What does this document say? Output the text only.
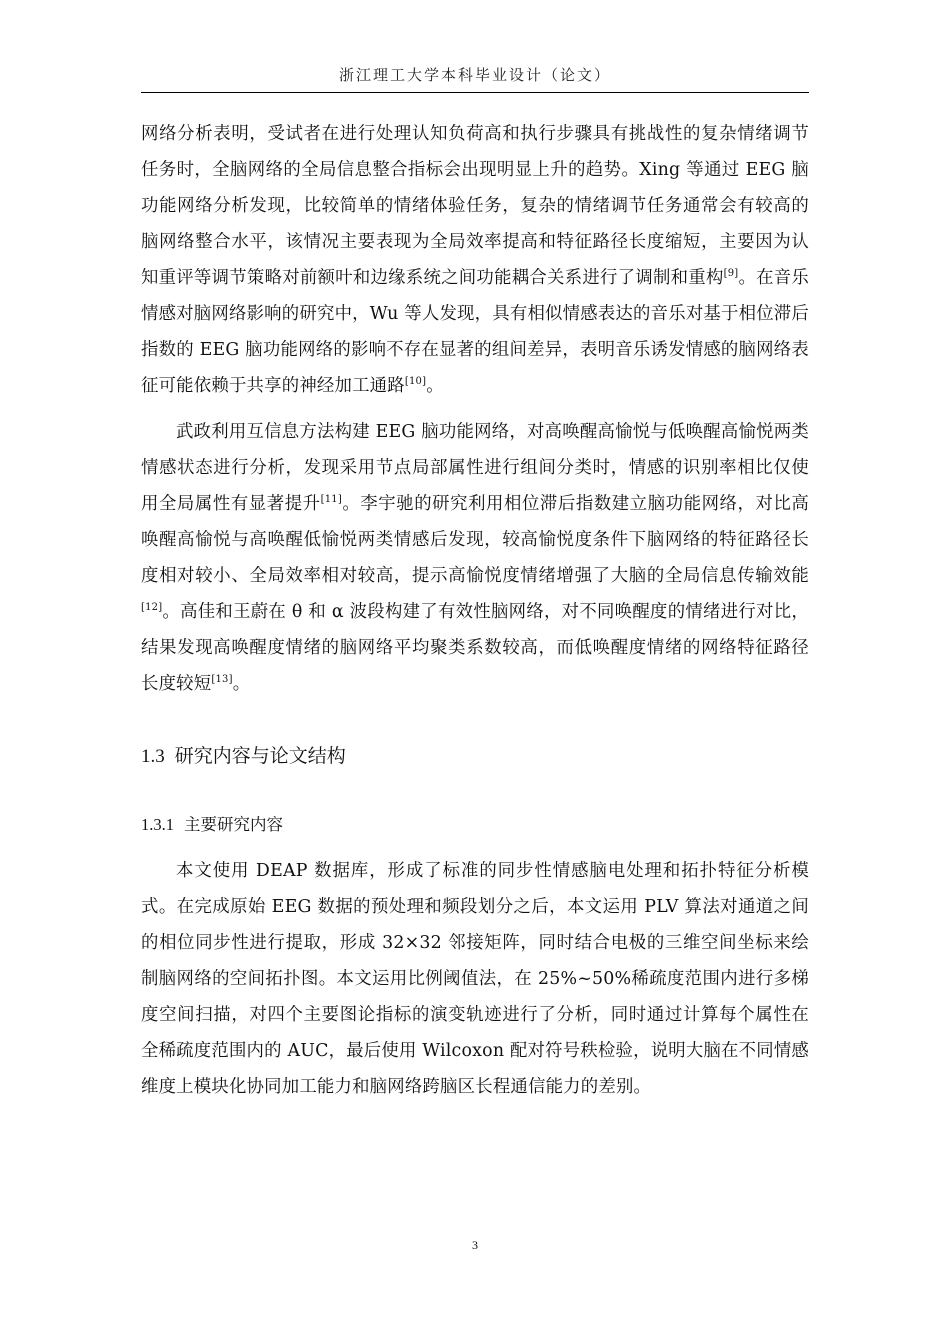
浙江理工大学本科毕业设计（论文）

网络分析表明，受试者在进行处理认知负荷高和执行步骤具有挑战性的复杂情绪调节任务时，全脑网络的全局信息整合指标会出现明显上升的趋势。Xing 等通过 EEG 脑功能网络分析发现，比较简单的情绪体验任务，复杂的情绪调节任务通常会有较高的脑网络整合水平，该情况主要表现为全局效率提高和特征路径长度缩短，主要因为认知重评等调节策略对前额叶和边缘系统之间功能耦合关系进行了调制和重构[9]。在音乐情感对脑网络影响的研究中，Wu 等人发现，具有相似情感表达的音乐对基于相位滞后指数的 EEG 脑功能网络的影响不存在显著的组间差异，表明音乐诱发情感的脑网络表征可能依赖于共享的神经加工通路[10]。

武政利用互信息方法构建 EEG 脑功能网络，对高唤醒高愉悦与低唤醒高愉悦两类情感状态进行分析，发现采用节点局部属性进行组间分类时，情感的识别率相比仅使用全局属性有显著提升[11]。李宇驰的研究利用相位滞后指数建立脑功能网络，对比高唤醒高愉悦与高唤醒低愉悦两类情感后发现，较高愉悦度条件下脑网络的特征路径长度相对较小、全局效率相对较高，提示高愉悦度情绪增强了大脑的全局信息传输效能[12]。高佳和王蔚在 θ 和 α 波段构建了有效性脑网络，对不同唤醒度的情绪进行对比，结果发现高唤醒度情绪的脑网络平均聚类系数较高，而低唤醒度情绪的网络特征路径长度较短[13]。

1.3 研究内容与论文结构
1.3.1 主要研究内容

本文使用 DEAP 数据库，形成了标准的同步性情感脑电处理和拓扑特征分析模式。在完成原始 EEG 数据的预处理和频段划分之后，本文运用 PLV 算法对通道之间的相位同步性进行提取，形成 32×32 邻接矩阵，同时结合电极的三维空间坐标来绘制脑网络的空间拓扑图。本文运用比例阈值法，在 25%~50%稀疏度范围内进行多梯度空间扫描，对四个主要图论指标的演变轨迹进行了分析，同时通过计算每个属性在全稀疏度范围内的 AUC，最后使用 Wilcoxon 配对符号秩检验，说明大脑在不同情感维度上模块化协同加工能力和脑网络跨脑区长程通信能力的差别。

3
